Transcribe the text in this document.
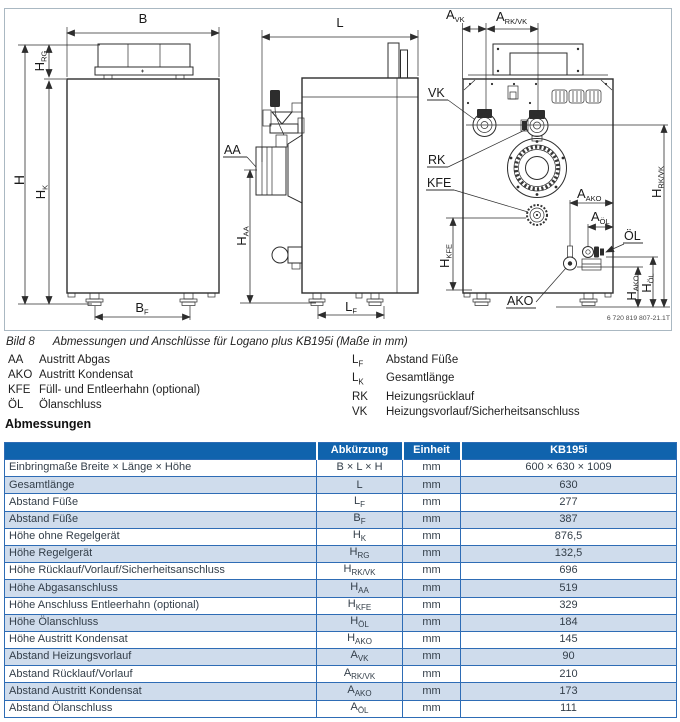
B
H
HRG
HK
BF
L
AA
HAA
LF
VK
RK
KFE
ÖL
AKO
$A_{VK}$ $A_{RK/VK}$
$A_{AKO}$
$A_{ÖL}$
HKFE
HAKO
HÖL
HRK/VK
6 720 819 807-21.1T
Bild 8 Abmessungen und Anschlüsse für Logano plus KB195i (Maße in mm)
AA	Austritt Abgas
AKO Austritt Kondensat
KFE Füll- und Entleerhahn (optional)
ÖL	Ölanschluss
$L_F$	Abstand Füße
$L_K$	Gesamtlänge
RK	Heizungsrücklauf
VK	Heizungsvorlauf/Sicherheitsanschluss
Abmessungen
	Abkürzung	Einheit	KB195i
Einbringmaße Breite × Länge × Höhe	B × L × H	mm	600 × 630 × 1009
Gesamtlänge	L	mm	630
Abstand Füße	$L_F$	mm	277
Abstand Füße	$B_F$	mm	387
Höhe ohne Regelgerät	$H_K$	mm	876,5
Höhe Regelgerät	$H_{RG}$	mm	132,5
Höhe Rücklauf/Vorlauf/Sicherheitsanschluss	$H_{RK/VK}$	mm	696
Höhe Abgasanschluss	$H_{AA}$	mm	519
Höhe Anschluss Entleerhahn (optional)	$H_{KFE}$	mm	329
Höhe Ölanschluss	$H_{ÖL}$	mm	184
Höhe Austritt Kondensat	$H_{AKO}$	mm	145
Abstand Heizungsvorlauf	$A_{VK}$	mm	90
Abstand Rücklauf/Vorlauf	$A_{RK/VK}$	mm	210
Abstand Austritt Kondensat	$A_{AKO}$	mm	173
Abstand Ölanschluss	$A_{ÖL}$	mm	111
